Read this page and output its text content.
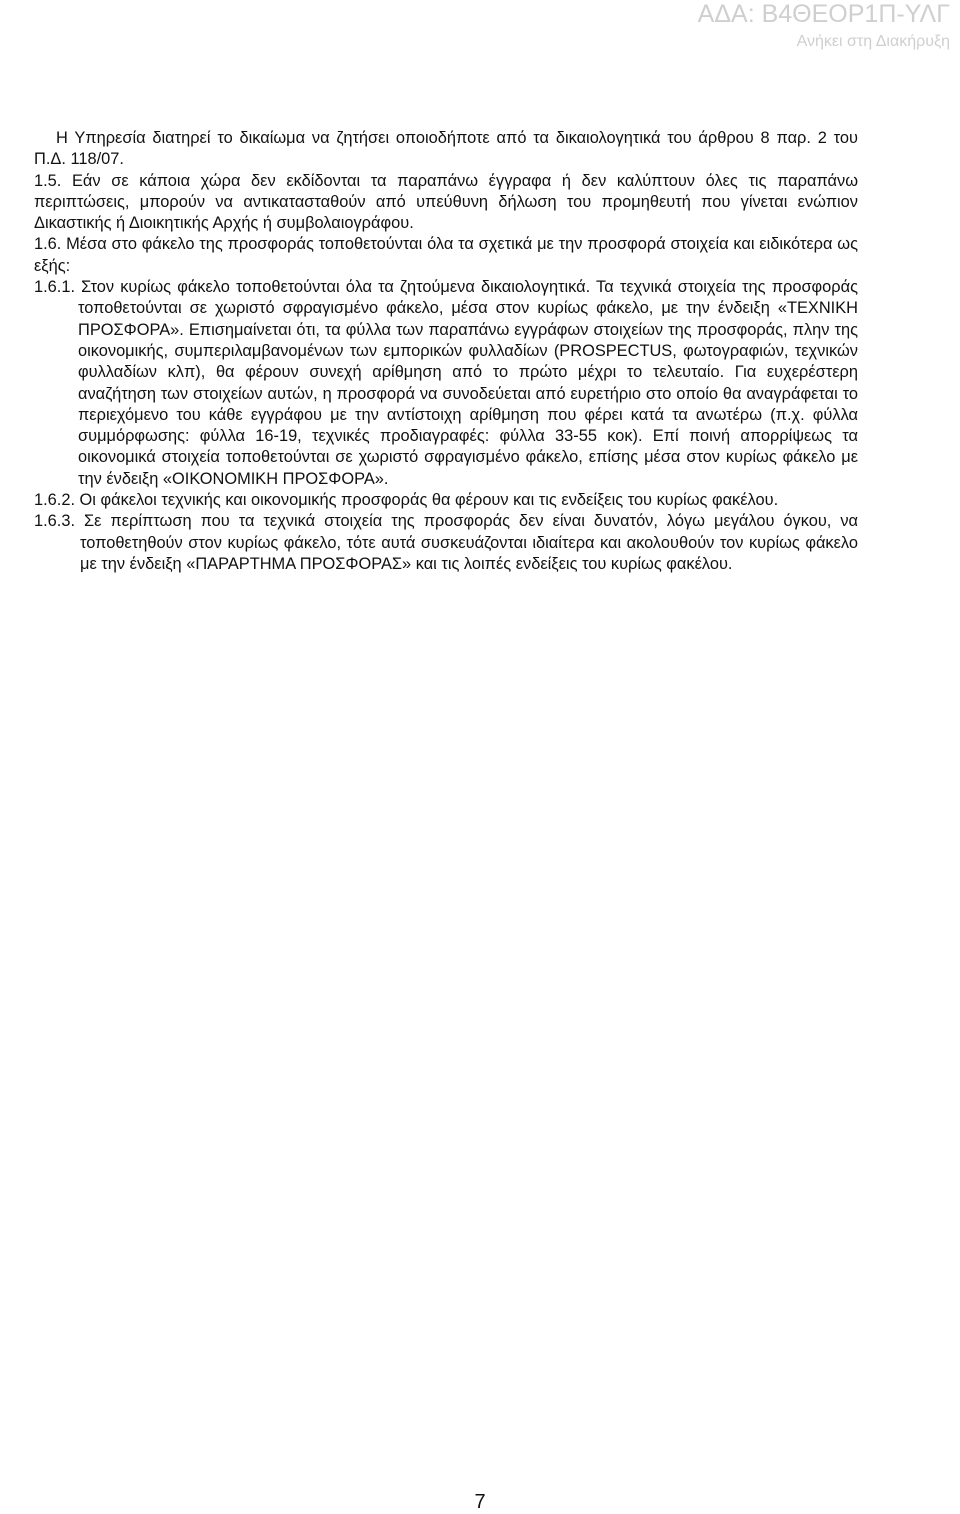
ΑΔΑ: Β4ΘΕΟΡ1Π-ΥΛΓ
Ανήκει στη Διακήρυξη

Η Υπηρεσία διατηρεί το δικαίωμα να ζητήσει οποιοδήποτε από τα δικαιολογητικά του άρθρου 8 παρ. 2 του Π.Δ. 118/07.

1.5. Εάν σε κάποια χώρα δεν εκδίδονται τα παραπάνω έγγραφα ή δεν καλύπτουν όλες τις παραπάνω περιπτώσεις, μπορούν να αντικατασταθούν από υπεύθυνη δήλωση του προμηθευτή που γίνεται ενώπιον Δικαστικής ή Διοικητικής Αρχής ή συμβολαιογράφου.

1.6. Μέσα στο φάκελο της προσφοράς τοποθετούνται όλα τα σχετικά με την προσφορά στοιχεία και ειδικότερα ως εξής:

1.6.1. Στον κυρίως φάκελο τοποθετούνται όλα τα ζητούμενα δικαιολογητικά. Τα τεχνικά στοιχεία της προσφοράς τοποθετούνται σε χωριστό σφραγισμένο φάκελο, μέσα στον κυρίως φάκελο, με την ένδειξη «ΤΕΧΝΙΚΗ ΠΡΟΣΦΟΡΑ». Επισημαίνεται ότι, τα φύλλα των παραπάνω εγγράφων στοιχείων της προσφοράς, πλην της οικονομικής, συμπεριλαμβανομένων των εμπορικών φυλλαδίων (PROSPECTUS, φωτογραφιών, τεχνικών φυλλαδίων κλπ), θα φέρουν συνεχή αρίθμηση από το πρώτο μέχρι το τελευταίο. Για ευχερέστερη αναζήτηση των στοιχείων αυτών, η προσφορά να συνοδεύεται από ευρετήριο στο οποίο θα αναγράφεται το περιεχόμενο του κάθε εγγράφου με την αντίστοιχη αρίθμηση που φέρει κατά τα ανωτέρω (π.χ. φύλλα συμμόρφωσης: φύλλα 16-19, τεχνικές προδιαγραφές: φύλλα 33-55 κοκ). Επί ποινή απορρίψεως τα οικονομικά στοιχεία τοποθετούνται σε χωριστό σφραγισμένο φάκελο, επίσης μέσα στον κυρίως φάκελο με την ένδειξη «ΟΙΚΟΝΟΜΙΚΗ ΠΡΟΣΦΟΡΑ».

1.6.2. Οι φάκελοι τεχνικής και οικονομικής προσφοράς θα φέρουν και τις ενδείξεις του κυρίως φακέλου.

1.6.3. Σε περίπτωση που τα τεχνικά στοιχεία της προσφοράς δεν είναι δυνατόν, λόγω μεγάλου όγκου, να τοποθετηθούν στον κυρίως φάκελο, τότε αυτά συσκευάζονται ιδιαίτερα και ακολουθούν τον κυρίως φάκελο με την ένδειξη «ΠΑΡΑΡΤΗΜΑ ΠΡΟΣΦΟΡΑΣ» και τις λοιπές ενδείξεις του κυρίως φακέλου.

7
